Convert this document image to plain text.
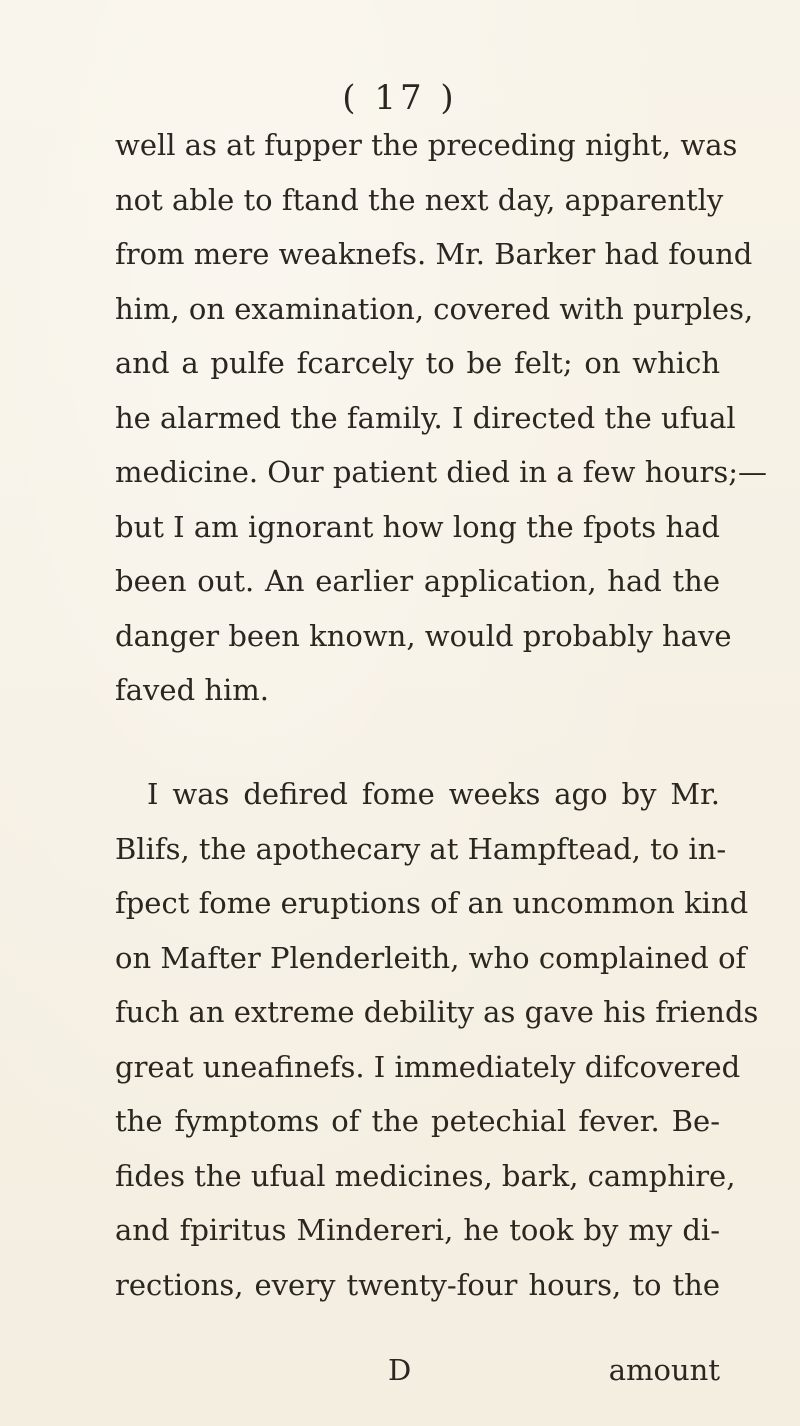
( 17 )
well as at fupper the preceding night, was
not able to ftand the next day, apparently
from mere weaknefs. Mr. Barker had found
him, on examination, covered with purples,
and a pulfe fcarcely to be felt; on which
he alarmed the family. I directed the ufual
medicine. Our patient died in a few hours;—
but I am ignorant how long the fpots had
been out. An earlier application, had the
danger been known, would probably have
faved him.
I was defired fome weeks ago by Mr.
Blifs, the apothecary at Hampftead, to in-
fpect fome eruptions of an uncommon kind
on Mafter Plenderleith, who complained of
fuch an extreme debility as gave his friends
great uneafinefs. I immediately difcovered
the fymptoms of the petechial fever. Be-
fides the ufual medicines, bark, camphire,
and fpiritus Mindereri, he took by my di-
rections, every twenty-four hours, to the
D	amount
